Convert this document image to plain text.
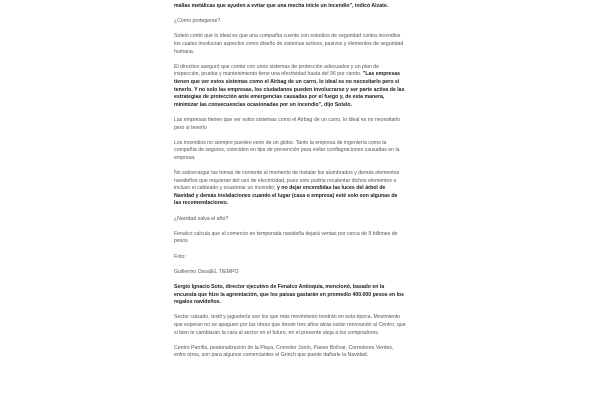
mallas metálicas que ayuden a evitar que una mecha inicie un incendio", indicó Alzate.

¿Cómo protegerse?

Sotelo contó que lo ideal es que una compañía cuente con estudios de seguridad contra incendios los cuales involucran aspectos como diseño de sistemas activos, pasivos y elementos de seguridad humana.

El directivo aseguró que contar con unos sistemas de protección adecuados y un plan de inspección, prueba y mantenimiento tiene una efectividad hasta del 96 por ciento. "Las empresas tienen que ver estos sistemas como el Airbag de un carro, lo ideal es no necesitarlo pero si tenerlo. Y no solo las empresas, los ciudadanos pueden involucrarse y ser parte activa de las estrategias de protección ante emergencias causadas por el fuego y, de esta manera, minimizar las consecuencias ocasionadas por un incendio", dijo Sotelo.

Las empresas tienen que ver estos sistemas como el Airbag de un carro, lo ideal es no necesitarlo pero si tenerlo

Los incendios no siempre pueden venir de un globo. Tanto la empresa de ingeniería como la compañía de seguros, coinciden en tips de prevención para evitar conflagraciones causadas en la empresa.

No sobrecargar las tomas de corriente al momento de instalar los alumbrados y demás elementos navideños que requieran del uso de electricidad, pues esto podría recalentar dichos elementos e incluso el cableado y ocasionar un incendio; y no dejar encendidas las luces del árbol de Navidad y demás instalaciones cuando el lugar (casa o empresa) esté solo son algunas de las recomendaciones.

¿Navidad salva el año?

Fenalco calcula que el comercio en temporada navideña dejará ventas por cerca de 9 billones de pesos

Foto:

Guillermo Ossa|EL TIEMPO

Sergio Ignacio Soto, director ejecutivo de Fenalco Antioquia, mencionó, basado en la encuesta que hizo la agremiación, que los paisas gastarán en promedio 400.000 pesos en los regalos navideños.

Sector calzado, textil y juguetería son los que más movimiento tendrán en esta época. Movimiento que esperan no se apaguen por las obras que desde tres años atrás están renovando al Centro, que si bien le cambiarán la cara al sector en el futuro, en el presente aleja a los compradores.

Centro Parrilla, peatonalización de la Playa, Corredor Junín, Paseo Bolívar, Corredores Verdes, entre otros, son para algunos comerciantes el Grinch que puede dañarle la Navidad.
